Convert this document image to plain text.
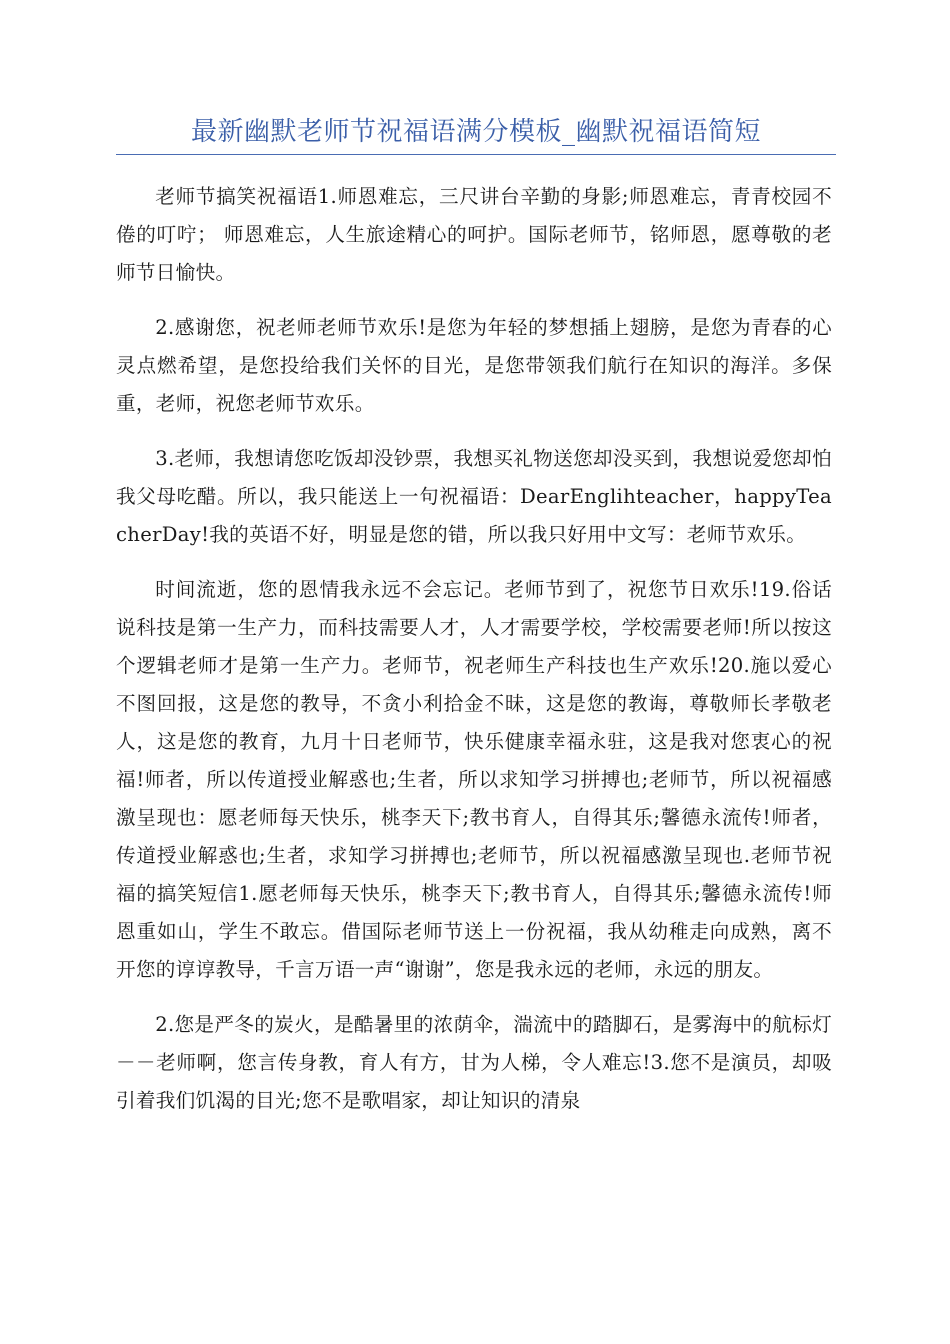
最新幽默老师节祝福语满分模板_幽默祝福语简短

老师节搞笑祝福语1.师恩难忘，三尺讲台辛勤的身影;师恩难忘，青青校园不倦的叮咛； 师恩难忘，人生旅途精心的呵护。国际老师节，铭师恩，愿尊敬的老师节日愉快。

2.感谢您，祝老师老师节欢乐!是您为年轻的梦想插上翅膀，是您为青春的心灵点燃希望，是您投给我们关怀的目光，是您带领我们航行在知识的海洋。多保重，老师，祝您老师节欢乐。

3.老师，我想请您吃饭却没钞票，我想买礼物送您却没买到，我想说爱您却怕我父母吃醋。所以，我只能送上一句祝福语：DearEnglihteacher，happyTeacherDay!我的英语不好，明显是您的错，所以我只好用中文写：老师节欢乐。

时间流逝，您的恩情我永远不会忘记。老师节到了，祝您节日欢乐!19.俗话说科技是第一生产力，而科技需要人才，人才需要学校，学校需要老师!所以按这个逻辑老师才是第一生产力。老师节，祝老师生产科技也生产欢乐!20.施以爱心不图回报，这是您的教导，不贪小利拾金不昧，这是您的教诲，尊敬师长孝敬老人，这是您的教育，九月十日老师节，快乐健康幸福永驻，这是我对您衷心的祝福!师者，所以传道授业解惑也;生者，所以求知学习拼搏也;老师节，所以祝福感激呈现也：愿老师每天快乐，桃李天下;教书育人，自得其乐;馨德永流传!师者，传道授业解惑也;生者，求知学习拼搏也;老师节，所以祝福感激呈现也.老师节祝福的搞笑短信1.愿老师每天快乐，桃李天下;教书育人，自得其乐;馨德永流传!师恩重如山，学生不敢忘。借国际老师节送上一份祝福，我从幼稚走向成熟，离不开您的谆谆教导，千言万语一声“谢谢”，您是我永远的老师，永远的朋友。

2.您是严冬的炭火，是酷暑里的浓荫伞，湍流中的踏脚石，是雾海中的航标灯－－老师啊，您言传身教，育人有方，甘为人梯，令人难忘!3.您不是演员，却吸引着我们饥渴的目光;您不是歌唱家，却让知识的清泉
